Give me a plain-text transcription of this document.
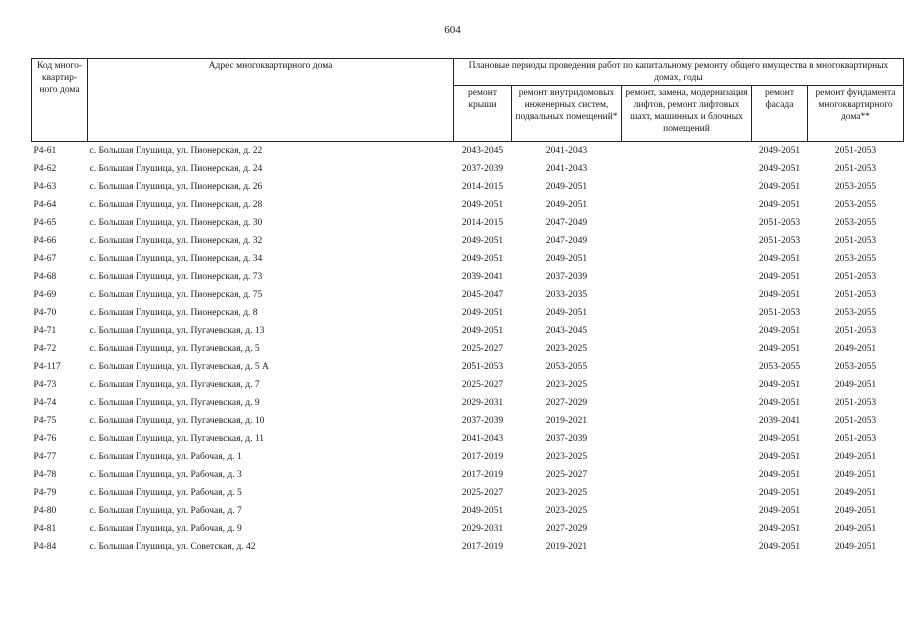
604
Код много-квартир-ного дома	Адрес многоквартирного дома	Плановые периоды проведения работ по капитальному ремонту общего имущества в многоквартирных домах, годы				
		ремонт крыши	ремонт внутридомовых инженерных систем, подвальных помещений*	ремонт, замена, модернизация лифтов, ремонт лифтовых шахт, машинных и блочных помещений	ремонт фасада	ремонт фундамента многоквартирного дома**
Р4-61	с. Большая Глушица, ул. Пионерская, д. 22	2043-2045	2041-2043		2049-2051	2051-2053
Р4-62	с. Большая Глушица, ул. Пионерская, д. 24	2037-2039	2041-2043		2049-2051	2051-2053
Р4-63	с. Большая Глушица, ул. Пионерская, д. 26	2014-2015	2049-2051		2049-2051	2053-2055
Р4-64	с. Большая Глушица, ул. Пионерская, д. 28	2049-2051	2049-2051		2049-2051	2053-2055
Р4-65	с. Большая Глушица, ул. Пионерская, д. 30	2014-2015	2047-2049		2051-2053	2053-2055
Р4-66	с. Большая Глушица, ул. Пионерская, д. 32	2049-2051	2047-2049		2051-2053	2051-2053
Р4-67	с. Большая Глушица, ул. Пионерская, д. 34	2049-2051	2049-2051		2049-2051	2053-2055
Р4-68	с. Большая Глушица, ул. Пионерская, д. 73	2039-2041	2037-2039		2049-2051	2051-2053
Р4-69	с. Большая Глушица, ул. Пионерская, д. 75	2045-2047	2033-2035		2049-2051	2051-2053
Р4-70	с. Большая Глушица, ул. Пионерская, д. 8	2049-2051	2049-2051		2051-2053	2053-2055
Р4-71	с. Большая Глушица, ул. Пугачевская, д. 13	2049-2051	2043-2045		2049-2051	2051-2053
Р4-72	с. Большая Глушица, ул. Пугачевская, д. 5	2025-2027	2023-2025		2049-2051	2049-2051
Р4-117	с. Большая Глушица, ул. Пугачевская, д. 5 А	2051-2053	2053-2055		2053-2055	2053-2055
Р4-73	с. Большая Глушица, ул. Пугачевская, д. 7	2025-2027	2023-2025		2049-2051	2049-2051
Р4-74	с. Большая Глушица, ул. Пугачевская, д. 9	2029-2031	2027-2029		2049-2051	2051-2053
Р4-75	с. Большая Глушица, ул. Пугачевская, д. 10	2037-2039	2019-2021		2039-2041	2051-2053
Р4-76	с. Большая Глушица, ул. Пугачевская, д. 11	2041-2043	2037-2039		2049-2051	2051-2053
Р4-77	с. Большая Глушица, ул. Рабочая, д. 1	2017-2019	2023-2025		2049-2051	2049-2051
Р4-78	с. Большая Глушица, ул. Рабочая, д. 3	2017-2019	2025-2027		2049-2051	2049-2051
Р4-79	с. Большая Глушица, ул. Рабочая, д. 5	2025-2027	2023-2025		2049-2051	2049-2051
Р4-80	с. Большая Глушица, ул. Рабочая, д. 7	2049-2051	2023-2025		2049-2051	2049-2051
Р4-81	с. Большая Глушица, ул. Рабочая, д. 9	2029-2031	2027-2029		2049-2051	2049-2051
Р4-84	с. Большая Глушица, ул. Советская, д. 42	2017-2019	2019-2021		2049-2051	2049-2051
